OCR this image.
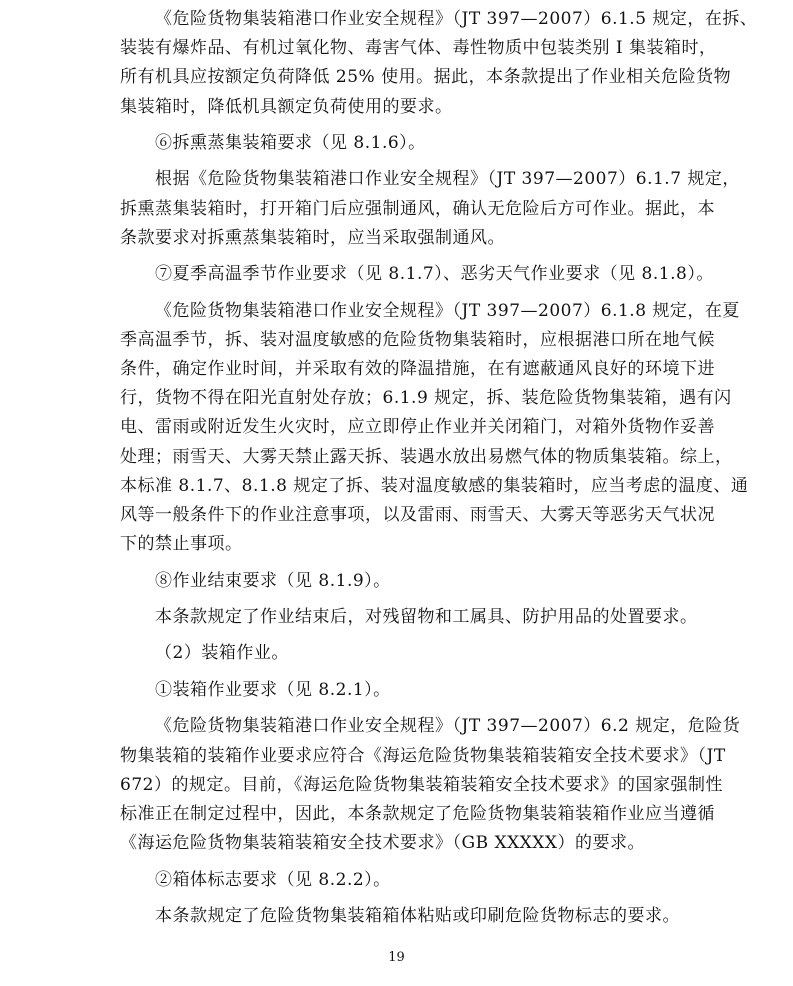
《危险货物集装箱港口作业安全规程》（JT 397—2007）6.1.5 规定，在拆、
装装有爆炸品、有机过氧化物、毒害气体、毒性物质中包装类别 Ⅰ 集装箱时，
所有机具应按额定负荷降低 25% 使用。据此，本条款提出了作业相关危险货物
集装箱时，降低机具额定负荷使用的要求。
⑥拆熏蒸集装箱要求（见 8.1.6）。
根据《危险货物集装箱港口作业安全规程》（JT 397—2007）6.1.7 规定，
拆熏蒸集装箱时，打开箱门后应强制通风，确认无危险后方可作业。据此，本
条款要求对拆熏蒸集装箱时，应当采取强制通风。
⑦夏季高温季节作业要求（见 8.1.7）、恶劣天气作业要求（见 8.1.8）。
《危险货物集装箱港口作业安全规程》（JT 397—2007）6.1.8 规定，在夏
季高温季节，拆、装对温度敏感的危险货物集装箱时，应根据港口所在地气候
条件，确定作业时间，并采取有效的降温措施，在有遮蔽通风良好的环境下进
行，货物不得在阳光直射处存放；6.1.9 规定，拆、装危险货物集装箱，遇有闪
电、雷雨或附近发生火灾时，应立即停止作业并关闭箱门，对箱外货物作妥善
处理；雨雪天、大雾天禁止露天拆、装遇水放出易燃气体的物质集装箱。综上，
本标准 8.1.7、8.1.8 规定了拆、装对温度敏感的集装箱时，应当考虑的温度、通
风等一般条件下的作业注意事项，以及雷雨、雨雪天、大雾天等恶劣天气状况
下的禁止事项。
⑧作业结束要求（见 8.1.9）。
本条款规定了作业结束后，对残留物和工属具、防护用品的处置要求。
（2）装箱作业。
①装箱作业要求（见 8.2.1）。
《危险货物集装箱港口作业安全规程》（JT 397—2007）6.2 规定，危险货
物集装箱的装箱作业要求应符合《海运危险货物集装箱装箱安全技术要求》（JT
672）的规定。目前，《海运危险货物集装箱装箱安全技术要求》的国家强制性
标准正在制定过程中，因此，本条款规定了危险货物集装箱装箱作业应当遵循
《海运危险货物集装箱装箱安全技术要求》（GB XXXXX）的要求。
②箱体标志要求（见 8.2.2）。
本条款规定了危险货物集装箱箱体粘贴或印刷危险货物标志的要求。
19
